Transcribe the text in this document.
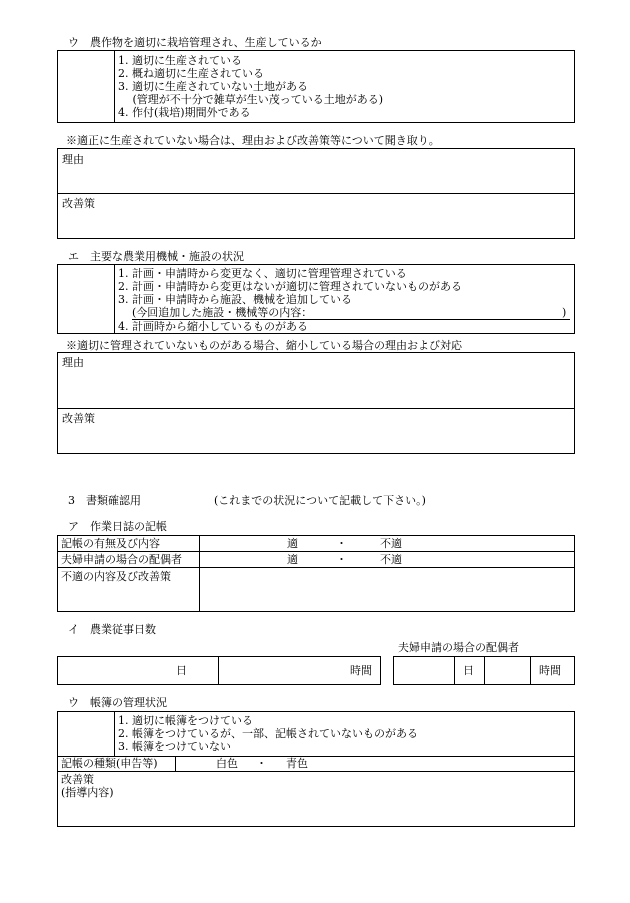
ウ　農作物を適切に栽培管理され、生産しているか
1. 適切に生産されている
2. 概ね適切に生産されている
3. 適切に生産されていない土地がある
　 (管理が不十分で雑草が生い茂っている土地がある)
4. 作付(栽培)期間外である
※適正に生産されていない場合は、理由および改善策等について聞き取り。
理由
改善策
エ　主要な農業用機械・施設の状況
1. 計画・申請時から変更なく、適切に管理管理されている
2. 計画・申請時から変更はないが適切に管理されていないものがある
3. 計画・申請時から施設、機械を追加している
(今回追加した施設・機械等の内容：	)
4. 計画時から縮小しているものがある
※適切に管理されていないものがある場合、縮小している場合の理由および対応
理由
改善策
3　書類確認用	(これまでの状況について記載して下さい。)
ア　作業日誌の記帳
記帳の有無及び内容	適	・	不適
夫婦申請の場合の配偶者	適	・	不適
不適の内容及び改善策
イ　農業従事日数
夫婦申請の場合の配偶者
日	時間	日	時間
ウ　帳簿の管理状況
1. 適切に帳簿をつけている
2. 帳簿をつけているが、一部、記帳されていないものがある
3. 帳簿をつけていない
記帳の種類(申告等)	白色 ・ 青色
改善策
(指導内容)
